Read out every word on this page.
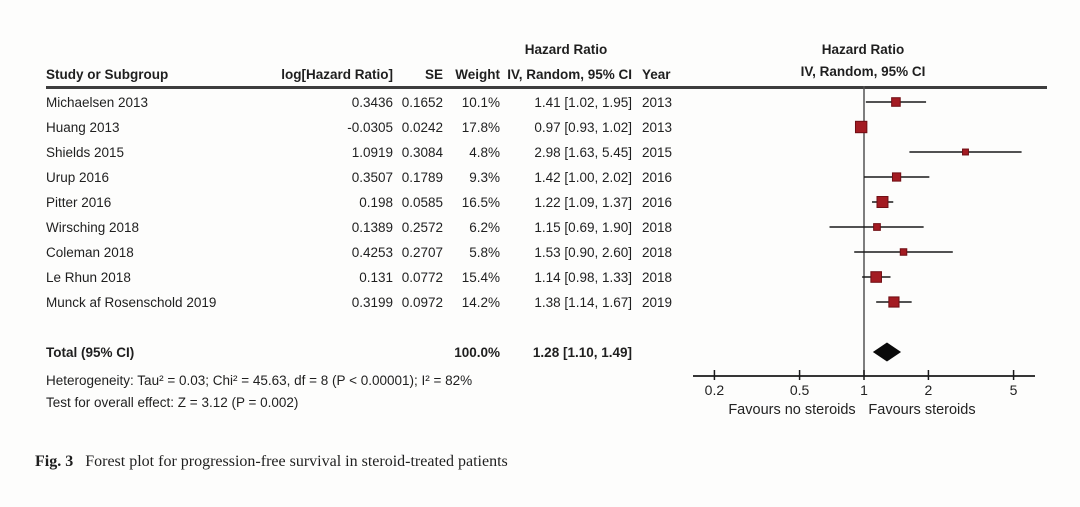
Hazard Ratio	Hazard Ratio
IV, Random, 95% CI
Study or Subgroup	log[Hazard Ratio]	SE Weight IV, Random, 95% CI Year
Michaelsen 2013	0.3436 0.1652	10.1%	1.41 [1.02, 1.95] 2013
Huang 2013	-0.0305 0.0242	17.8%	0.97 [0.93, 1.02] 2013
Shields 2015	1.0919 0.3084	4.8%	2.98 [1.63, 5.45] 2015
Urup 2016	0.3507 0.1789	9.3%	1.42 [1.00, 2.02] 2016
Pitter 2016	0.198 0.0585	16.5%	1.22 [1.09, 1.37] 2016
Wirsching 2018	0.1389 0.2572	6.2%	1.15 [0.69, 1.90] 2018
Coleman 2018	0.4253 0.2707	5.8%	1.53 [0.90, 2.60] 2018
Le Rhun 2018	0.131 0.0772	15.4%	1.14 [0.98, 1.33] 2018
Munck af Rosenschold 2019	0.3199 0.0972	14.2%	1.38 [1.14, 1.67] 2019
Total (95% CI)	100.0%	1.28 [1.10, 1.49]
Heterogeneity: Tau² = 0.03; Chi² = 45.63, df = 8 (P < 0.00001); I² = 82%
Test for overall effect: Z = 3.12 (P = 0.002)
0.2	0.5	1	2	5
Favours no steroids Favours steroids
Fig. 3 Forest plot for progression-free survival in steroid-treated patients
